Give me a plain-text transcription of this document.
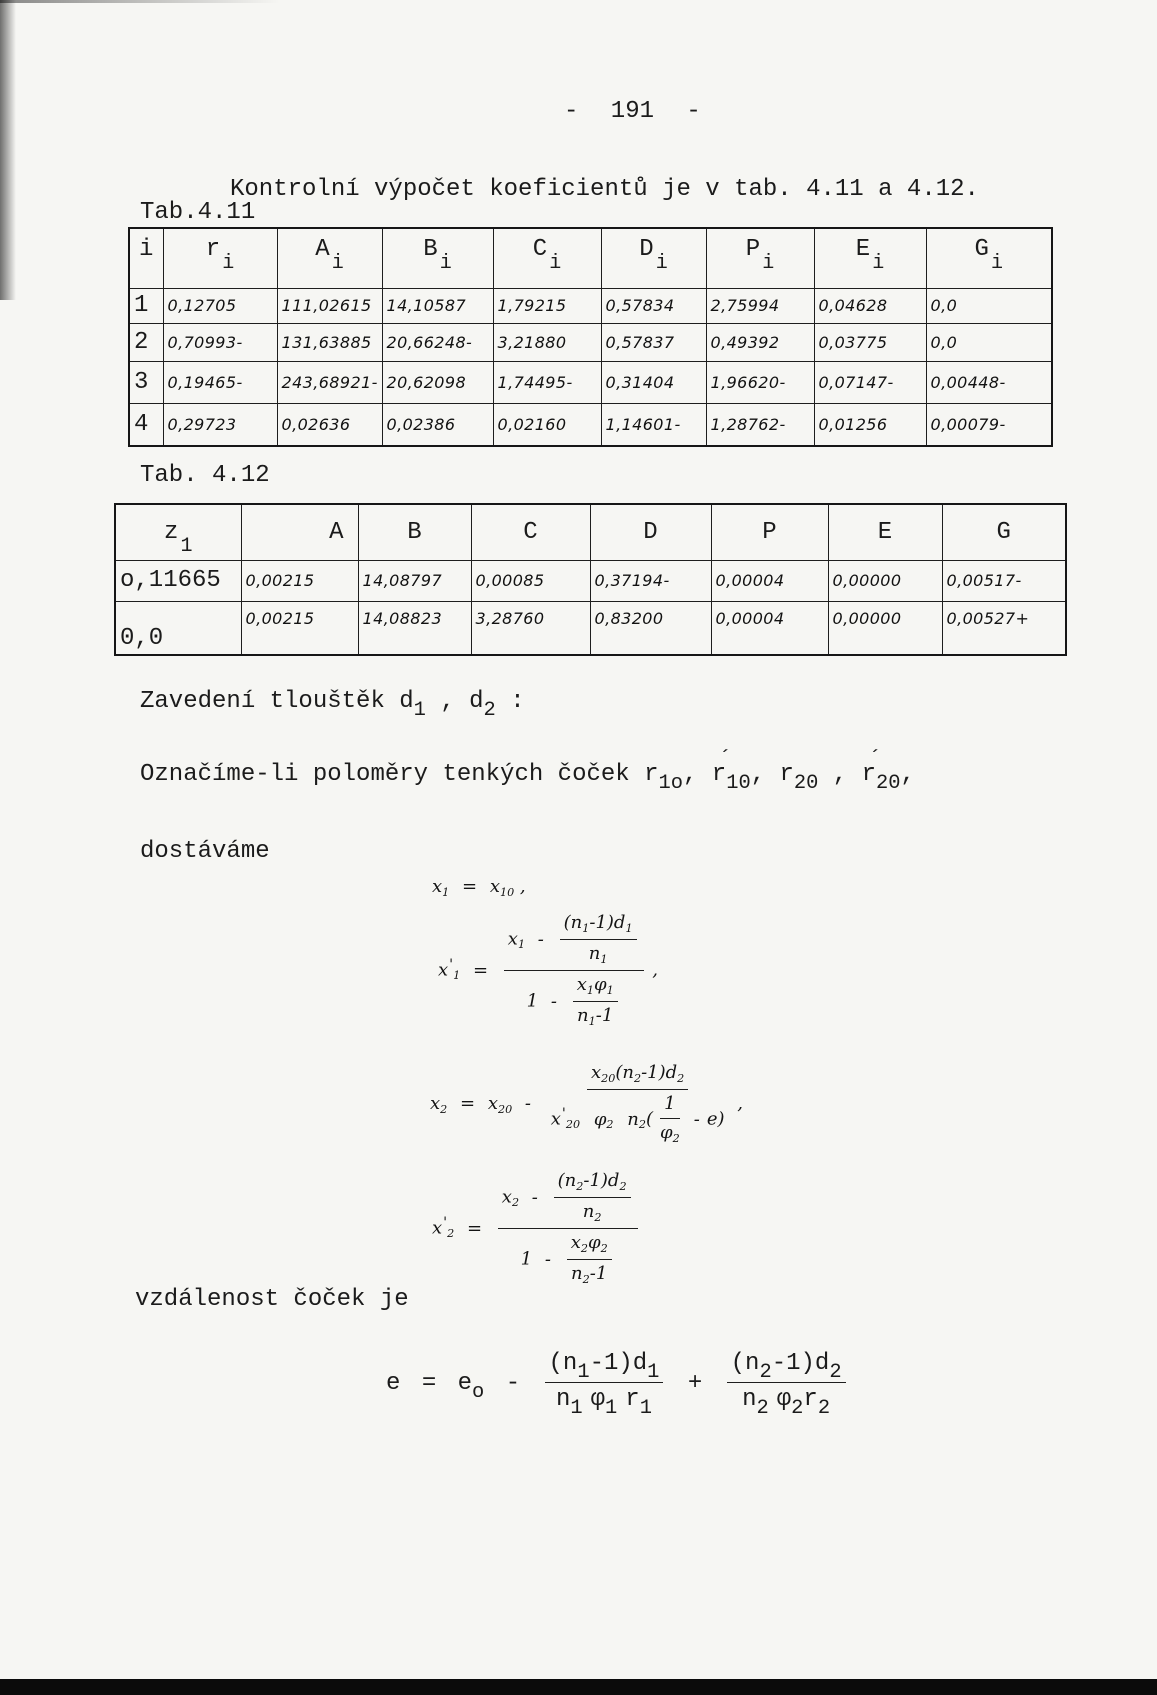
- 191 -
Kontrolní výpočet koeficientů je v tab. 4.11 a 4.12.
Tab.4.11
i	$r_i$	$A_i$	$B_i$	$C_i$	$D_i$	$P_i$	$E_i$	$G_i$
1	0,12705	111,02615	14,10587	1,79215	0,57834	2,75994	0,04628	0,0
2	0,70993-	131,63885	20,66248-	3,21880	0,57837	0,49392	0,03775	0,0
3	0,19465-	243,68921-	20,62098	1,74495-	0,31404	1,96620-	0,07147-	0,00448-
4	0,29723	0,02636	0,02386	0,02160	1,14601-	1,28762-	0,01256	0,00079-
Tab. 4.12
$z_1$	A	B	C	D	P	E	G
o,11665	0,00215	14,08797	0,00085	0,37194-	0,00004	0,00000	0,00517-
0,0	0,00215	14,08823	3,28760	0,83200	0,00004	0,00000	0,00527+
Zavedení tlouštěk $d_1$ , $d_2$ :
Označíme-li poloměry tenkých čoček $r_{1o}$, r
´
$_{10}$, $r_{20}$ , r
´
$_{20}$,
dostáváme
$x_1 = x_{10}$ ,
$x'_1 = \frac{x_1 - \frac{(n_1-1)d_1}{n_1}}{1 - \frac{x_1\varphi_1}{n_1-1}}$ ,
$x_2 = x_{20} - \frac{x_{20}(n_2-1)d_2}{x'_{20} \varphi_2 n_2( \frac{1}{\varphi_2} - e)}$ ,
$x'_2 = \frac{x_2 - \frac{(n_2-1)d_2}{n_2}}{1 - \frac{x_2\varphi_2}{n_2-1}}$
vzdálenost čoček je
$e = e_o - \frac{(n_1-1)d_1}{n_1 \varphi_1 r_1} + \frac{(n_2-1)d_2}{n_2 \varphi_2r_2}$
